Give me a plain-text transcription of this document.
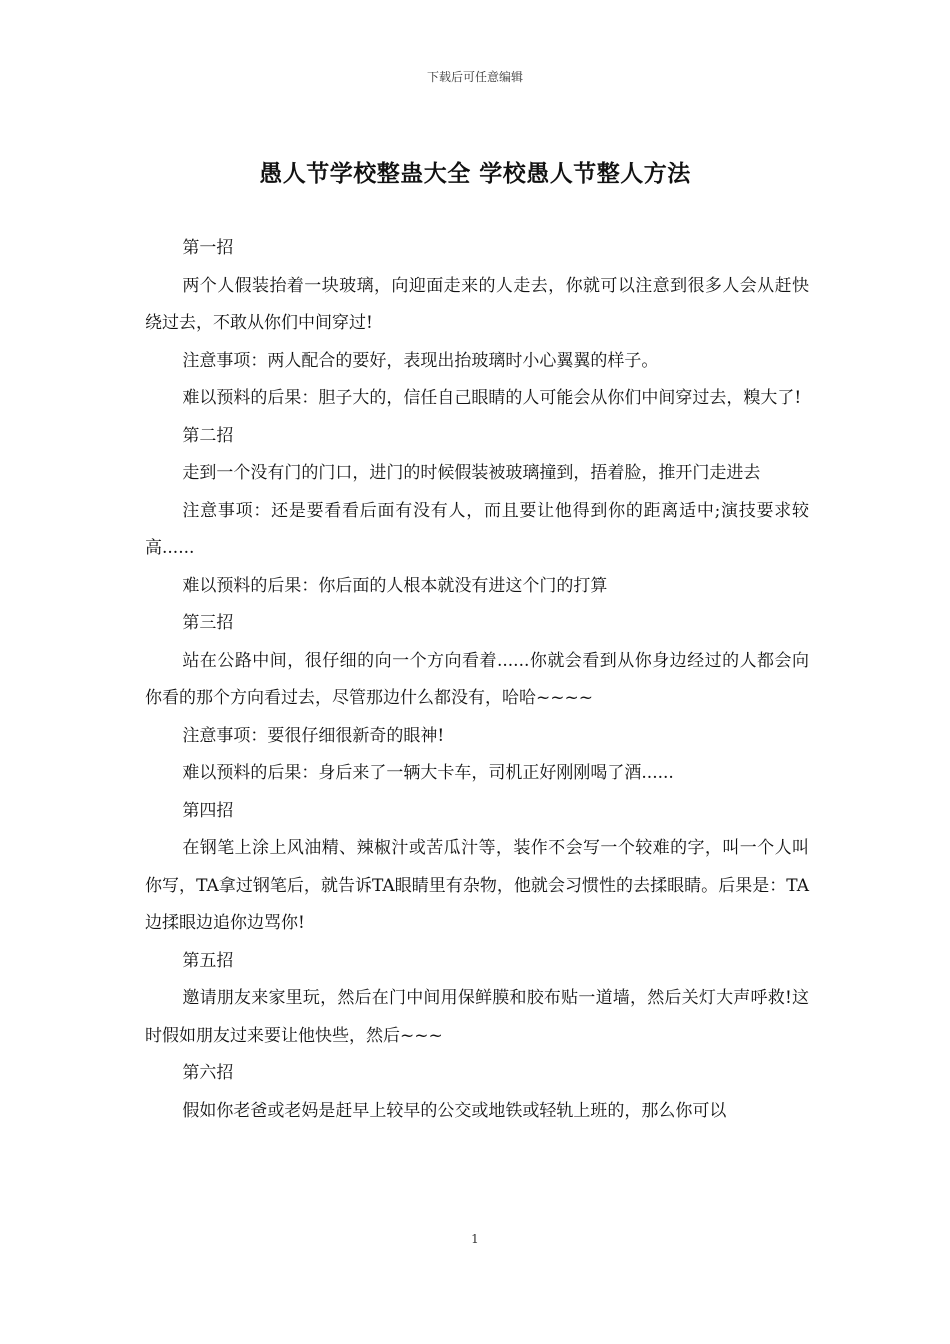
下载后可任意编辑
愚人节学校整蛊大全 学校愚人节整人方法

第一招

两个人假装抬着一块玻璃，向迎面走来的人走去，你就可以注意到很多人会从赶快绕过去，不敢从你们中间穿过!

注意事项：两人配合的要好，表现出抬玻璃时小心翼翼的样子。

难以预料的后果：胆子大的，信任自己眼睛的人可能会从你们中间穿过去，糗大了!

第二招

走到一个没有门的门口，进门的时候假装被玻璃撞到，捂着脸，推开门走进去

注意事项：还是要看看后面有没有人，而且要让他得到你的距离适中;演技要求较高......

难以预料的后果：你后面的人根本就没有进这个门的打算

第三招

站在公路中间，很仔细的向一个方向看着......你就会看到从你身边经过的人都会向你看的那个方向看过去，尽管那边什么都没有，哈哈~~~~

注意事项：要很仔细很新奇的眼神!

难以预料的后果：身后来了一辆大卡车，司机正好刚刚喝了酒......

第四招

在钢笔上涂上风油精、辣椒汁或苦瓜汁等，装作不会写一个较难的字，叫一个人叫你写，TA拿过钢笔后，就告诉TA眼睛里有杂物，他就会习惯性的去揉眼睛。后果是：TA边揉眼边追你边骂你!

第五招

邀请朋友来家里玩，然后在门中间用保鲜膜和胶布贴一道墙，然后关灯大声呼救!这时假如朋友过来要让他快些，然后~~~

第六招

假如你老爸或老妈是赶早上较早的公交或地铁或轻轨上班的，那么你可以

1
